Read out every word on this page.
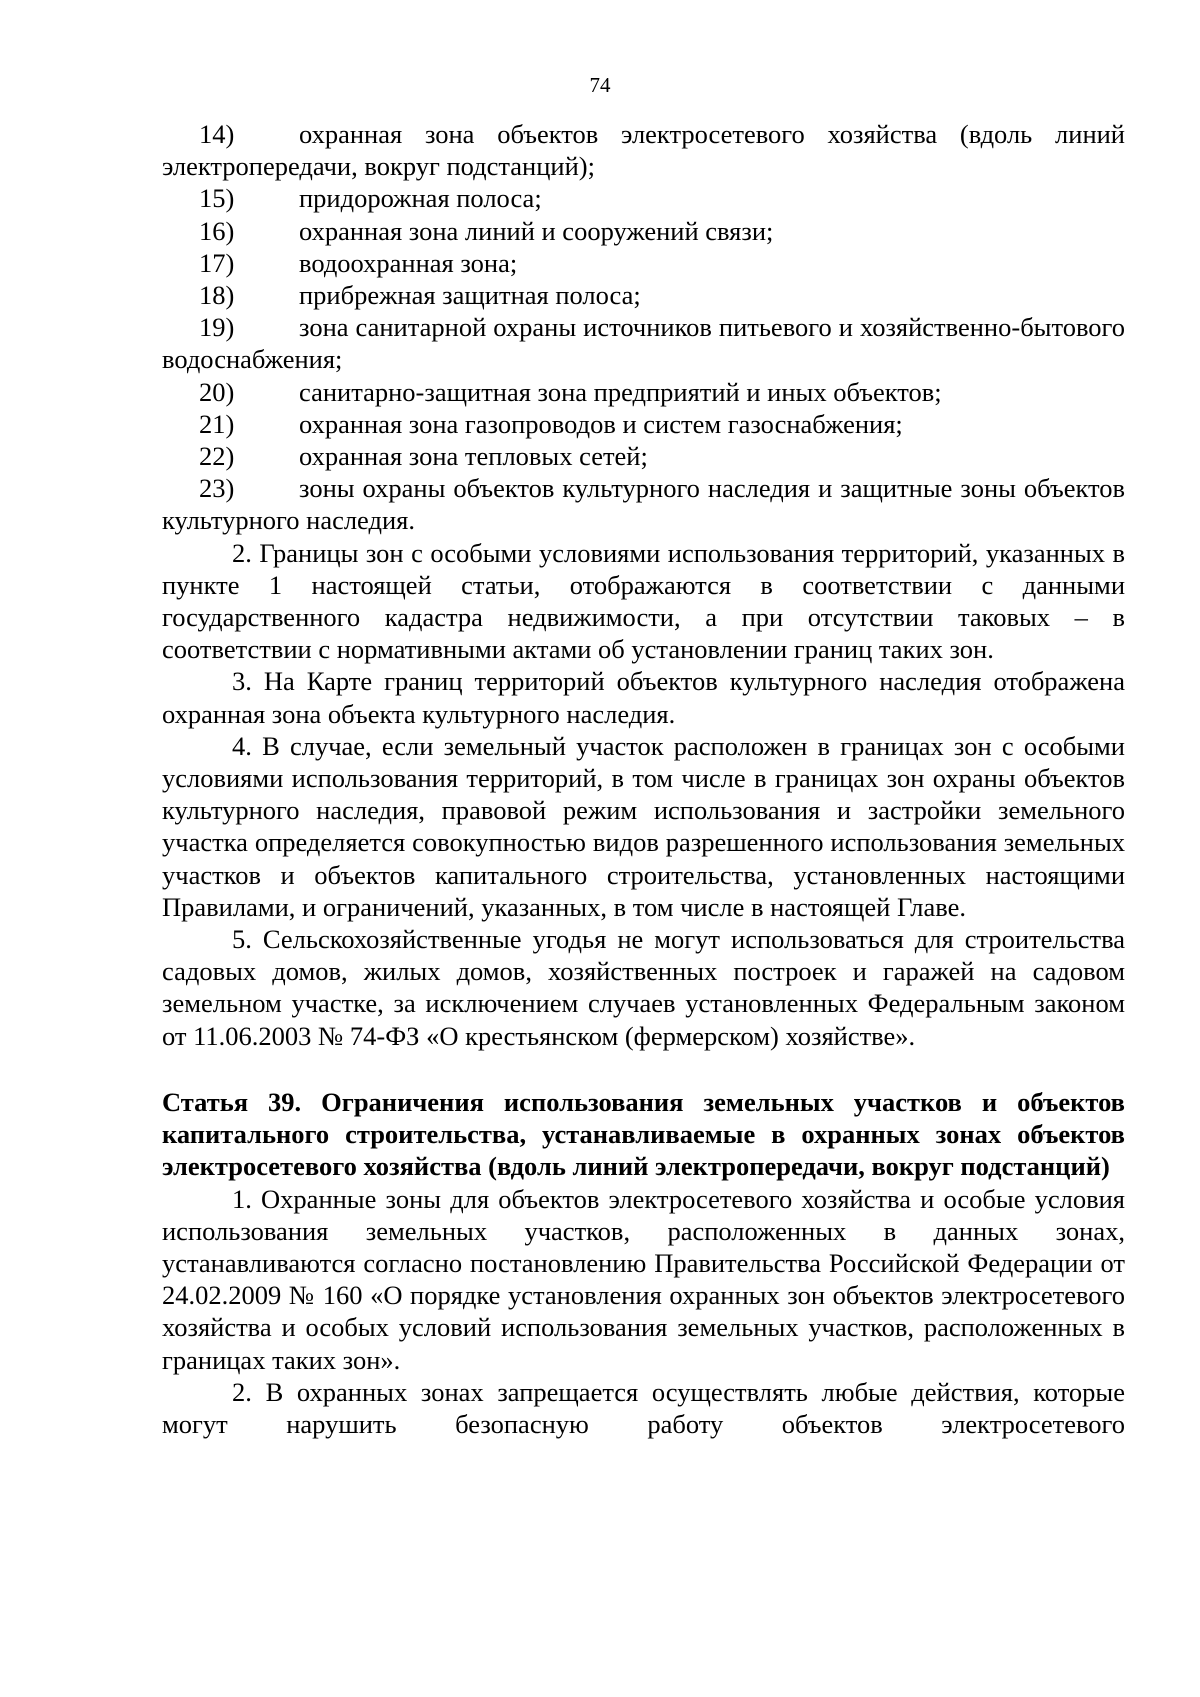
74
14) охранная зона объектов электросетевого хозяйства (вдоль линий электропередачи, вокруг подстанций);
15)	придорожная полоса;
16)	охранная зона линий и сооружений связи;
17)	водоохранная зона;
18)	прибрежная защитная полоса;
19) зона санитарной охраны источников питьевого и хозяйственно-бытового водоснабжения;
20)	санитарно-защитная зона предприятий и иных объектов;
21)	охранная зона газопроводов и систем газоснабжения;
22)	охранная зона тепловых сетей;
23) зоны охраны объектов культурного наследия и защитные зоны объектов культурного наследия.

2. Границы зон с особыми условиями использования территорий, указанных в пункте 1 настоящей статьи, отображаются в соответствии с данными государственного кадастра недвижимости, а при отсутствии таковых – в соответствии с нормативными актами об установлении границ таких зон.

3. На Карте границ территорий объектов культурного наследия отображена охранная зона объекта культурного наследия.

4. В случае, если земельный участок расположен в границах зон с особыми условиями использования территорий, в том числе в границах зон охраны объектов культурного наследия, правовой режим использования и застройки земельного участка определяется совокупностью видов разрешенного использования земельных участков и объектов капитального строительства, установленных настоящими Правилами, и ограничений, указанных, в том числе в настоящей Главе.

5. Сельскохозяйственные угодья не могут использоваться для строительства садовых домов, жилых домов, хозяйственных построек и гаражей на садовом земельном участке, за исключением случаев установленных Федеральным законом от 11.06.2003 № 74-ФЗ «О крестьянском (фермерском) хозяйстве».

Статья 39. Ограничения использования земельных участков и объектов капитального строительства, устанавливаемые в охранных зонах объектов электросетевого хозяйства (вдоль линий электропередачи, вокруг подстанций)

1. Охранные зоны для объектов электросетевого хозяйства и особые условия использования земельных участков, расположенных в данных зонах, устанавливаются согласно постановлению Правительства Российской Федерации от 24.02.2009 № 160 «О порядке установления охранных зон объектов электросетевого хозяйства и особых условий использования земельных участков, расположенных в границах таких зон».

2. В охранных зонах запрещается осуществлять любые действия, которые могут нарушить безопасную работу объектов электросетевого
